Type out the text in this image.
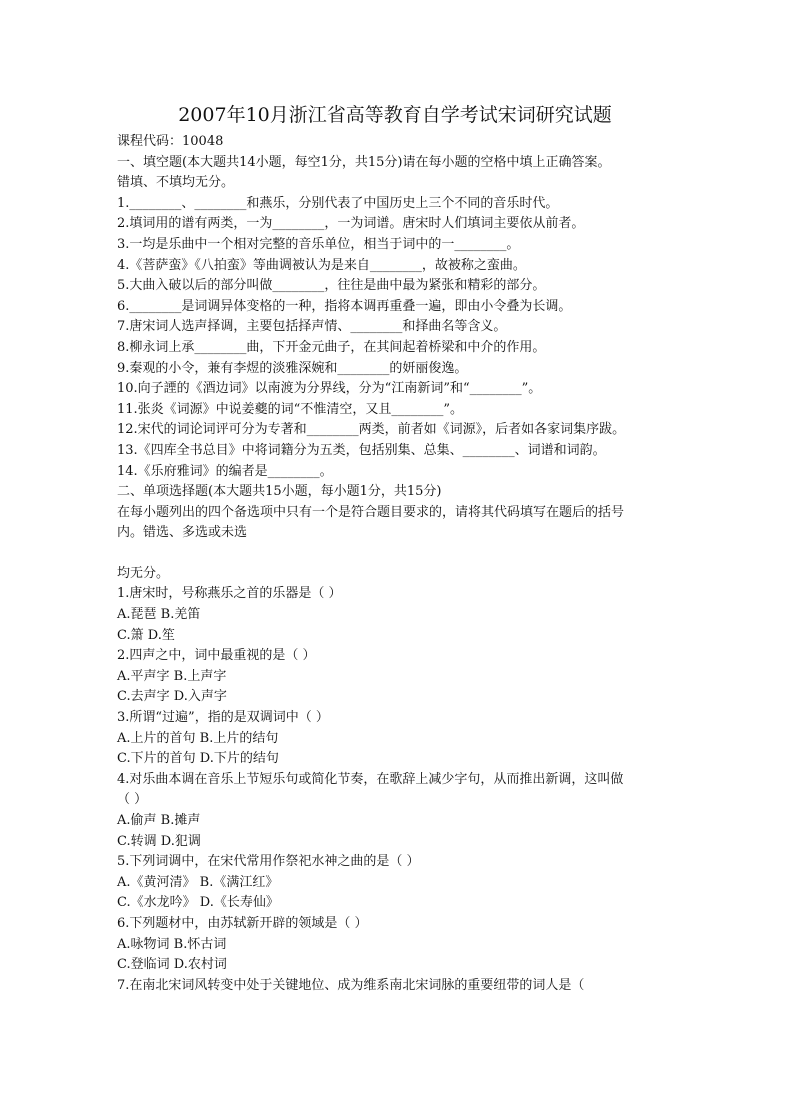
2007年10月浙江省高等教育自学考试宋词研究试题
课程代码：10048
一、填空题(本大题共14小题，每空1分，共15分)请在每小题的空格中填上正确答案。
错填、不填均无分。
1.________、________和燕乐，分别代表了中国历史上三个不同的音乐时代。
2.填词用的谱有两类，一为________，一为词谱。唐宋时人们填词主要依从前者。
3.一均是乐曲中一个相对完整的音乐单位，相当于词中的一________。
4.《菩萨蛮》《八拍蛮》等曲调被认为是来自________，故被称之蛮曲。
5.大曲入破以后的部分叫做________，往往是曲中最为紧张和精彩的部分。
6.________是词调异体变格的一种，指将本调再重叠一遍，即由小令叠为长调。
7.唐宋词人选声择调，主要包括择声情、________和择曲名等含义。
8.柳永词上承________曲，下开金元曲子，在其间起着桥梁和中介的作用。
9.秦观的小令，兼有李煜的淡雅深婉和________的妍丽俊逸。
10.向子諲的《酒边词》以南渡为分界线，分为“江南新词”和“________”。
11.张炎《词源》中说姜夔的词“不惟清空，又且________”。
12.宋代的词论词评可分为专著和________两类，前者如《词源》，后者如各家词集序跋。
13.《四库全书总目》中将词籍分为五类，包括别集、总集、________、词谱和词韵。
14.《乐府雅词》的编者是________。
二、单项选择题(本大题共15小题，每小题1分，共15分)
在每小题列出的四个备选项中只有一个是符合题目要求的，请将其代码填写在题后的括号
内。错选、多选或未选
均无分。
1.唐宋时，号称燕乐之首的乐器是（ ）
A.琵琶 B.羌笛
C.箫 D.笙
2.四声之中，词中最重视的是（ ）
A.平声字 B.上声字
C.去声字 D.入声字
3.所谓“过遍”，指的是双调词中（ ）
A.上片的首句 B.上片的结句
C.下片的首句 D.下片的结句
4.对乐曲本调在音乐上节短乐句或简化节奏，在歌辞上减少字句，从而推出新调，这叫做
（ ）
A.偷声 B.摊声
C.转调 D.犯调
5.下列词调中，在宋代常用作祭祀水神之曲的是（ ）
A.《黄河清》 B.《满江红》
C.《水龙吟》 D.《长寿仙》
6.下列题材中，由苏轼新开辟的领域是（ ）
A.咏物词 B.怀古词
C.登临词 D.农村词
7.在南北宋词风转变中处于关键地位、成为维系南北宋词脉的重要纽带的词人是（
